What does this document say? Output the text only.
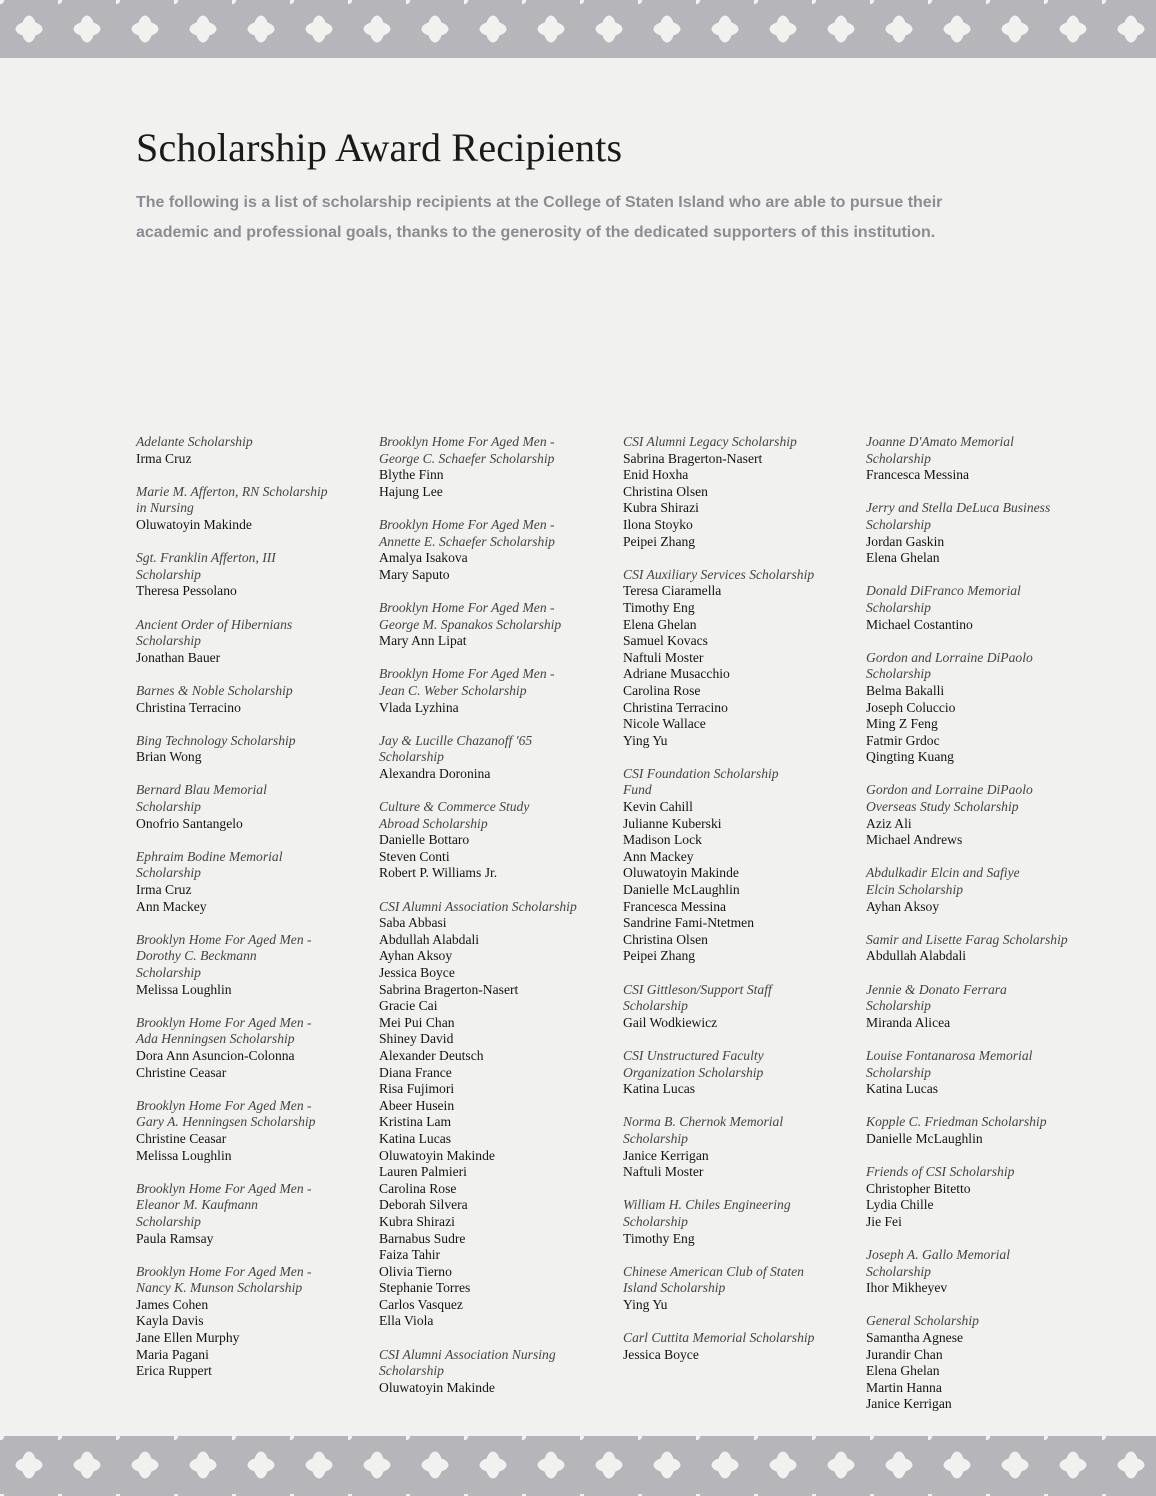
Scholarship Award Recipients

The following is a list of scholarship recipients at the College of Staten Island who are able to pursue their academic and professional goals, thanks to the generosity of the dedicated supporters of this institution.

Adelante Scholarship
Irma Cruz
Marie M. Afferton, RN Scholarship
in Nursing
Oluwatoyin Makinde
Sgt. Franklin Afferton, III
Scholarship
Theresa Pessolano
Ancient Order of Hibernians
Scholarship
Jonathan Bauer
Barnes & Noble Scholarship
Christina Terracino
Bing Technology Scholarship
Brian Wong
Bernard Blau Memorial
Scholarship
Onofrio Santangelo
Ephraim Bodine Memorial
Scholarship
Irma Cruz
Ann Mackey
Brooklyn Home For Aged Men -
Dorothy C. Beckmann
Scholarship
Melissa Loughlin
Brooklyn Home For Aged Men -
Ada Henningsen Scholarship
Dora Ann Asuncion-Colonna
Christine Ceasar
Brooklyn Home For Aged Men -
Gary A. Henningsen Scholarship
Christine Ceasar
Melissa Loughlin
Brooklyn Home For Aged Men -
Eleanor M. Kaufmann
Scholarship
Paula Ramsay
Brooklyn Home For Aged Men -
Nancy K. Munson Scholarship
James Cohen
Kayla Davis
Jane Ellen Murphy
Maria Pagani
Erica Ruppert
Brooklyn Home For Aged Men -
George C. Schaefer Scholarship
Blythe Finn
Hajung Lee
Brooklyn Home For Aged Men -
Annette E. Schaefer Scholarship
Amalya Isakova
Mary Saputo
Brooklyn Home For Aged Men -
George M. Spanakos Scholarship
Mary Ann Lipat
Brooklyn Home For Aged Men -
Jean C. Weber Scholarship
Vlada Lyzhina
Jay & Lucille Chazanoff '65
Scholarship
Alexandra Doronina
Culture & Commerce Study
Abroad Scholarship
Danielle Bottaro
Steven Conti
Robert P. Williams Jr.
CSI Alumni Association Scholarship
Saba Abbasi
Abdullah Alabdali
Ayhan Aksoy
Jessica Boyce
Sabrina Bragerton-Nasert
Gracie Cai
Mei Pui Chan
Shiney David
Alexander Deutsch
Diana France
Risa Fujimori
Abeer Husein
Kristina Lam
Katina Lucas
Oluwatoyin Makinde
Lauren Palmieri
Carolina Rose
Deborah Silvera
Kubra Shirazi
Barnabus Sudre
Faiza Tahir
Olivia Tierno
Stephanie Torres
Carlos Vasquez
Ella Viola
CSI Alumni Association Nursing
Scholarship
Oluwatoyin Makinde
CSI Alumni Legacy Scholarship
Sabrina Bragerton-Nasert
Enid Hoxha
Christina Olsen
Kubra Shirazi
Ilona Stoyko
Peipei Zhang
CSI Auxiliary Services Scholarship
Teresa Ciaramella
Timothy Eng
Elena Ghelan
Samuel Kovacs
Naftuli Moster
Adriane Musacchio
Carolina Rose
Christina Terracino
Nicole Wallace
Ying Yu
CSI Foundation Scholarship
Fund
Kevin Cahill
Julianne Kuberski
Madison Lock
Ann Mackey
Oluwatoyin Makinde
Danielle McLaughlin
Francesca Messina
Sandrine Fami-Ntetmen
Christina Olsen
Peipei Zhang
CSI Gittleson/Support Staff
Scholarship
Gail Wodkiewicz
CSI Unstructured Faculty
Organization Scholarship
Katina Lucas
Norma B. Chernok Memorial
Scholarship
Janice Kerrigan
Naftuli Moster
William H. Chiles Engineering
Scholarship
Timothy Eng
Chinese American Club of Staten
Island Scholarship
Ying Yu
Carl Cuttita Memorial Scholarship
Jessica Boyce
Joanne D'Amato Memorial
Scholarship
Francesca Messina
Jerry and Stella DeLuca Business
Scholarship
Jordan Gaskin
Elena Ghelan
Donald DiFranco Memorial
Scholarship
Michael Costantino
Gordon and Lorraine DiPaolo
Scholarship
Belma Bakalli
Joseph Coluccio
Ming Z Feng
Fatmir Grdoc
Qingting Kuang
Gordon and Lorraine DiPaolo
Overseas Study Scholarship
Aziz Ali
Michael Andrews
Abdulkadir Elcin and Safiye
Elcin Scholarship
Ayhan Aksoy
Samir and Lisette Farag Scholarship
Abdullah Alabdali
Jennie & Donato Ferrara
Scholarship
Miranda Alicea
Louise Fontanarosa Memorial
Scholarship
Katina Lucas
Kopple C. Friedman Scholarship
Danielle McLaughlin
Friends of CSI Scholarship
Christopher Bitetto
Lydia Chille
Jie Fei
Joseph A. Gallo Memorial
Scholarship
Ihor Mikheyev
General Scholarship
Samantha Agnese
Jurandir Chan
Elena Ghelan
Martin Hanna
Janice Kerrigan
